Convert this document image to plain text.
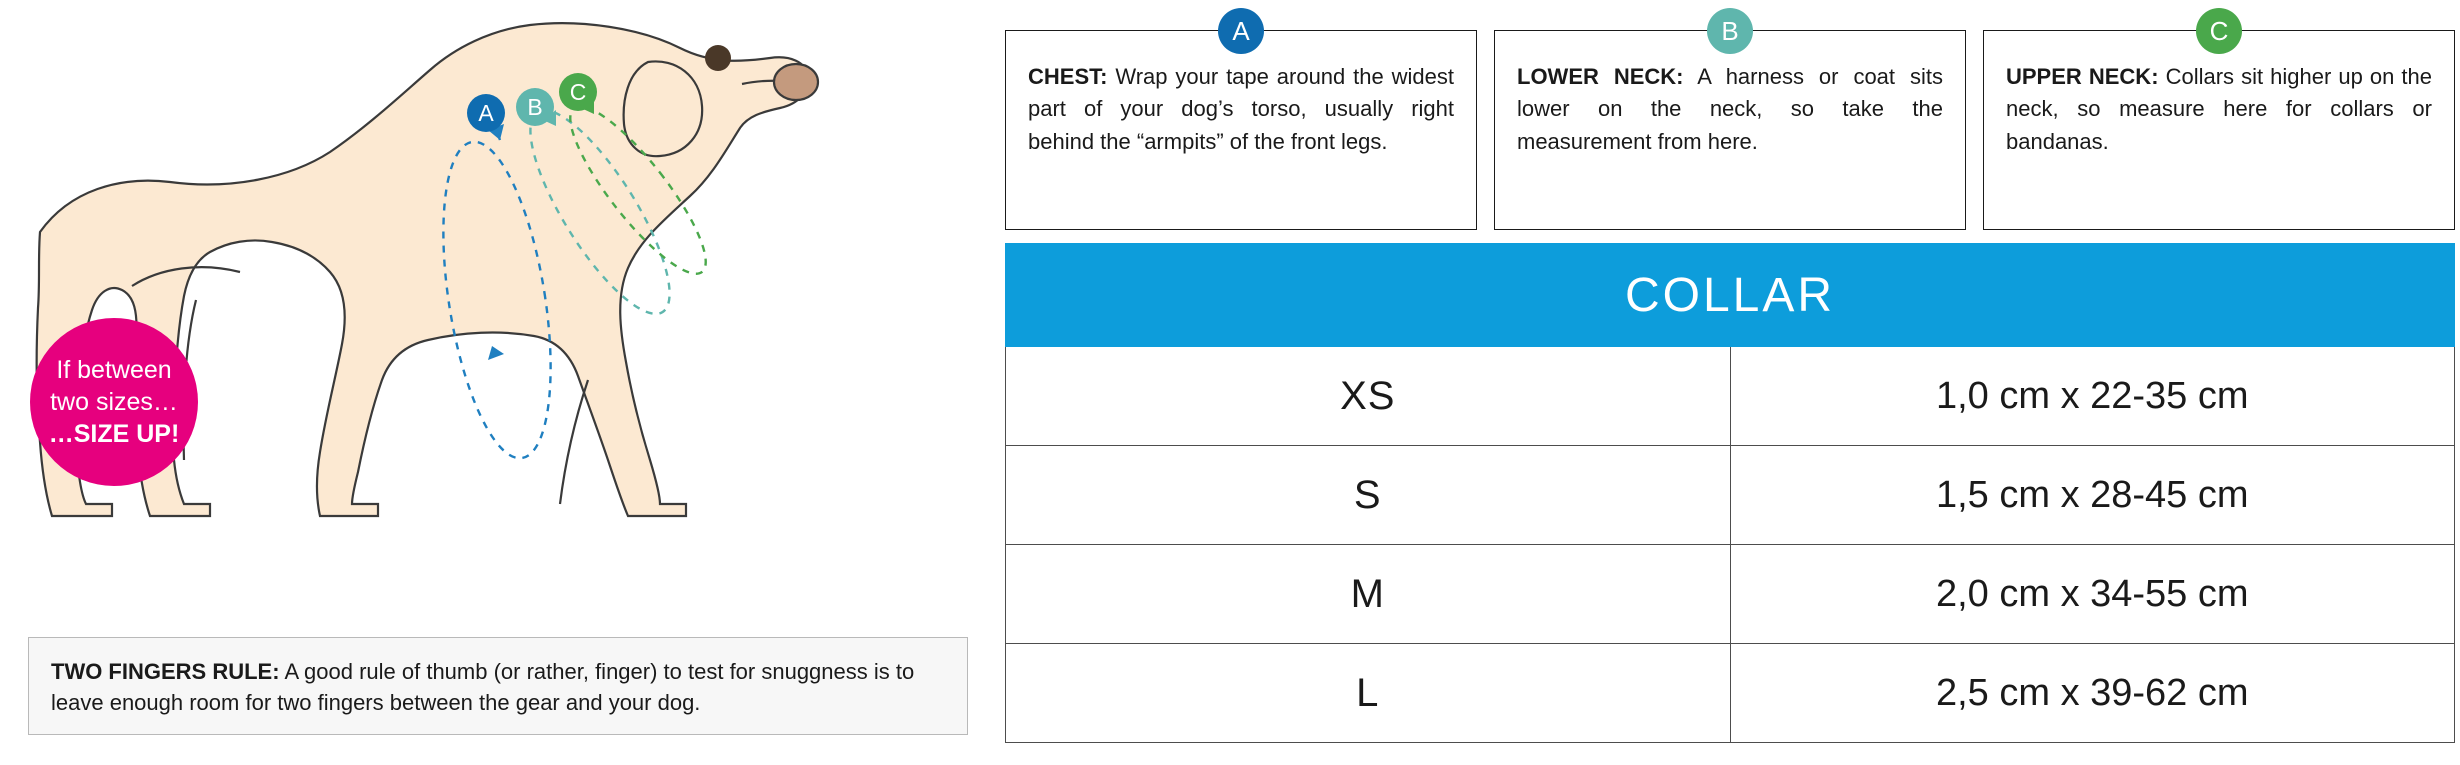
A B
C
If between
two sizes…
…SIZE UP!

TWO FINGERS RULE: A good rule of thumb (or rather, finger) to test for snuggness is to leave enough room for two fingers between the gear and your dog.

A

CHEST: Wrap your tape around the widest part of your dog’s torso, usually right behind the “armpits” of the front legs.

B

LOWER NECK: A harness or coat sits lower on the neck, so take the measurement from here.

C

UPPER NECK: Collars sit higher up on the neck, so measure here for collars or bandanas.

COLLAR	
XS	1,0 cm x 22-35 cm
S	1,5 cm x 28-45 cm
M	2,0 cm x 34-55 cm
L	2,5 cm x 39-62 cm
